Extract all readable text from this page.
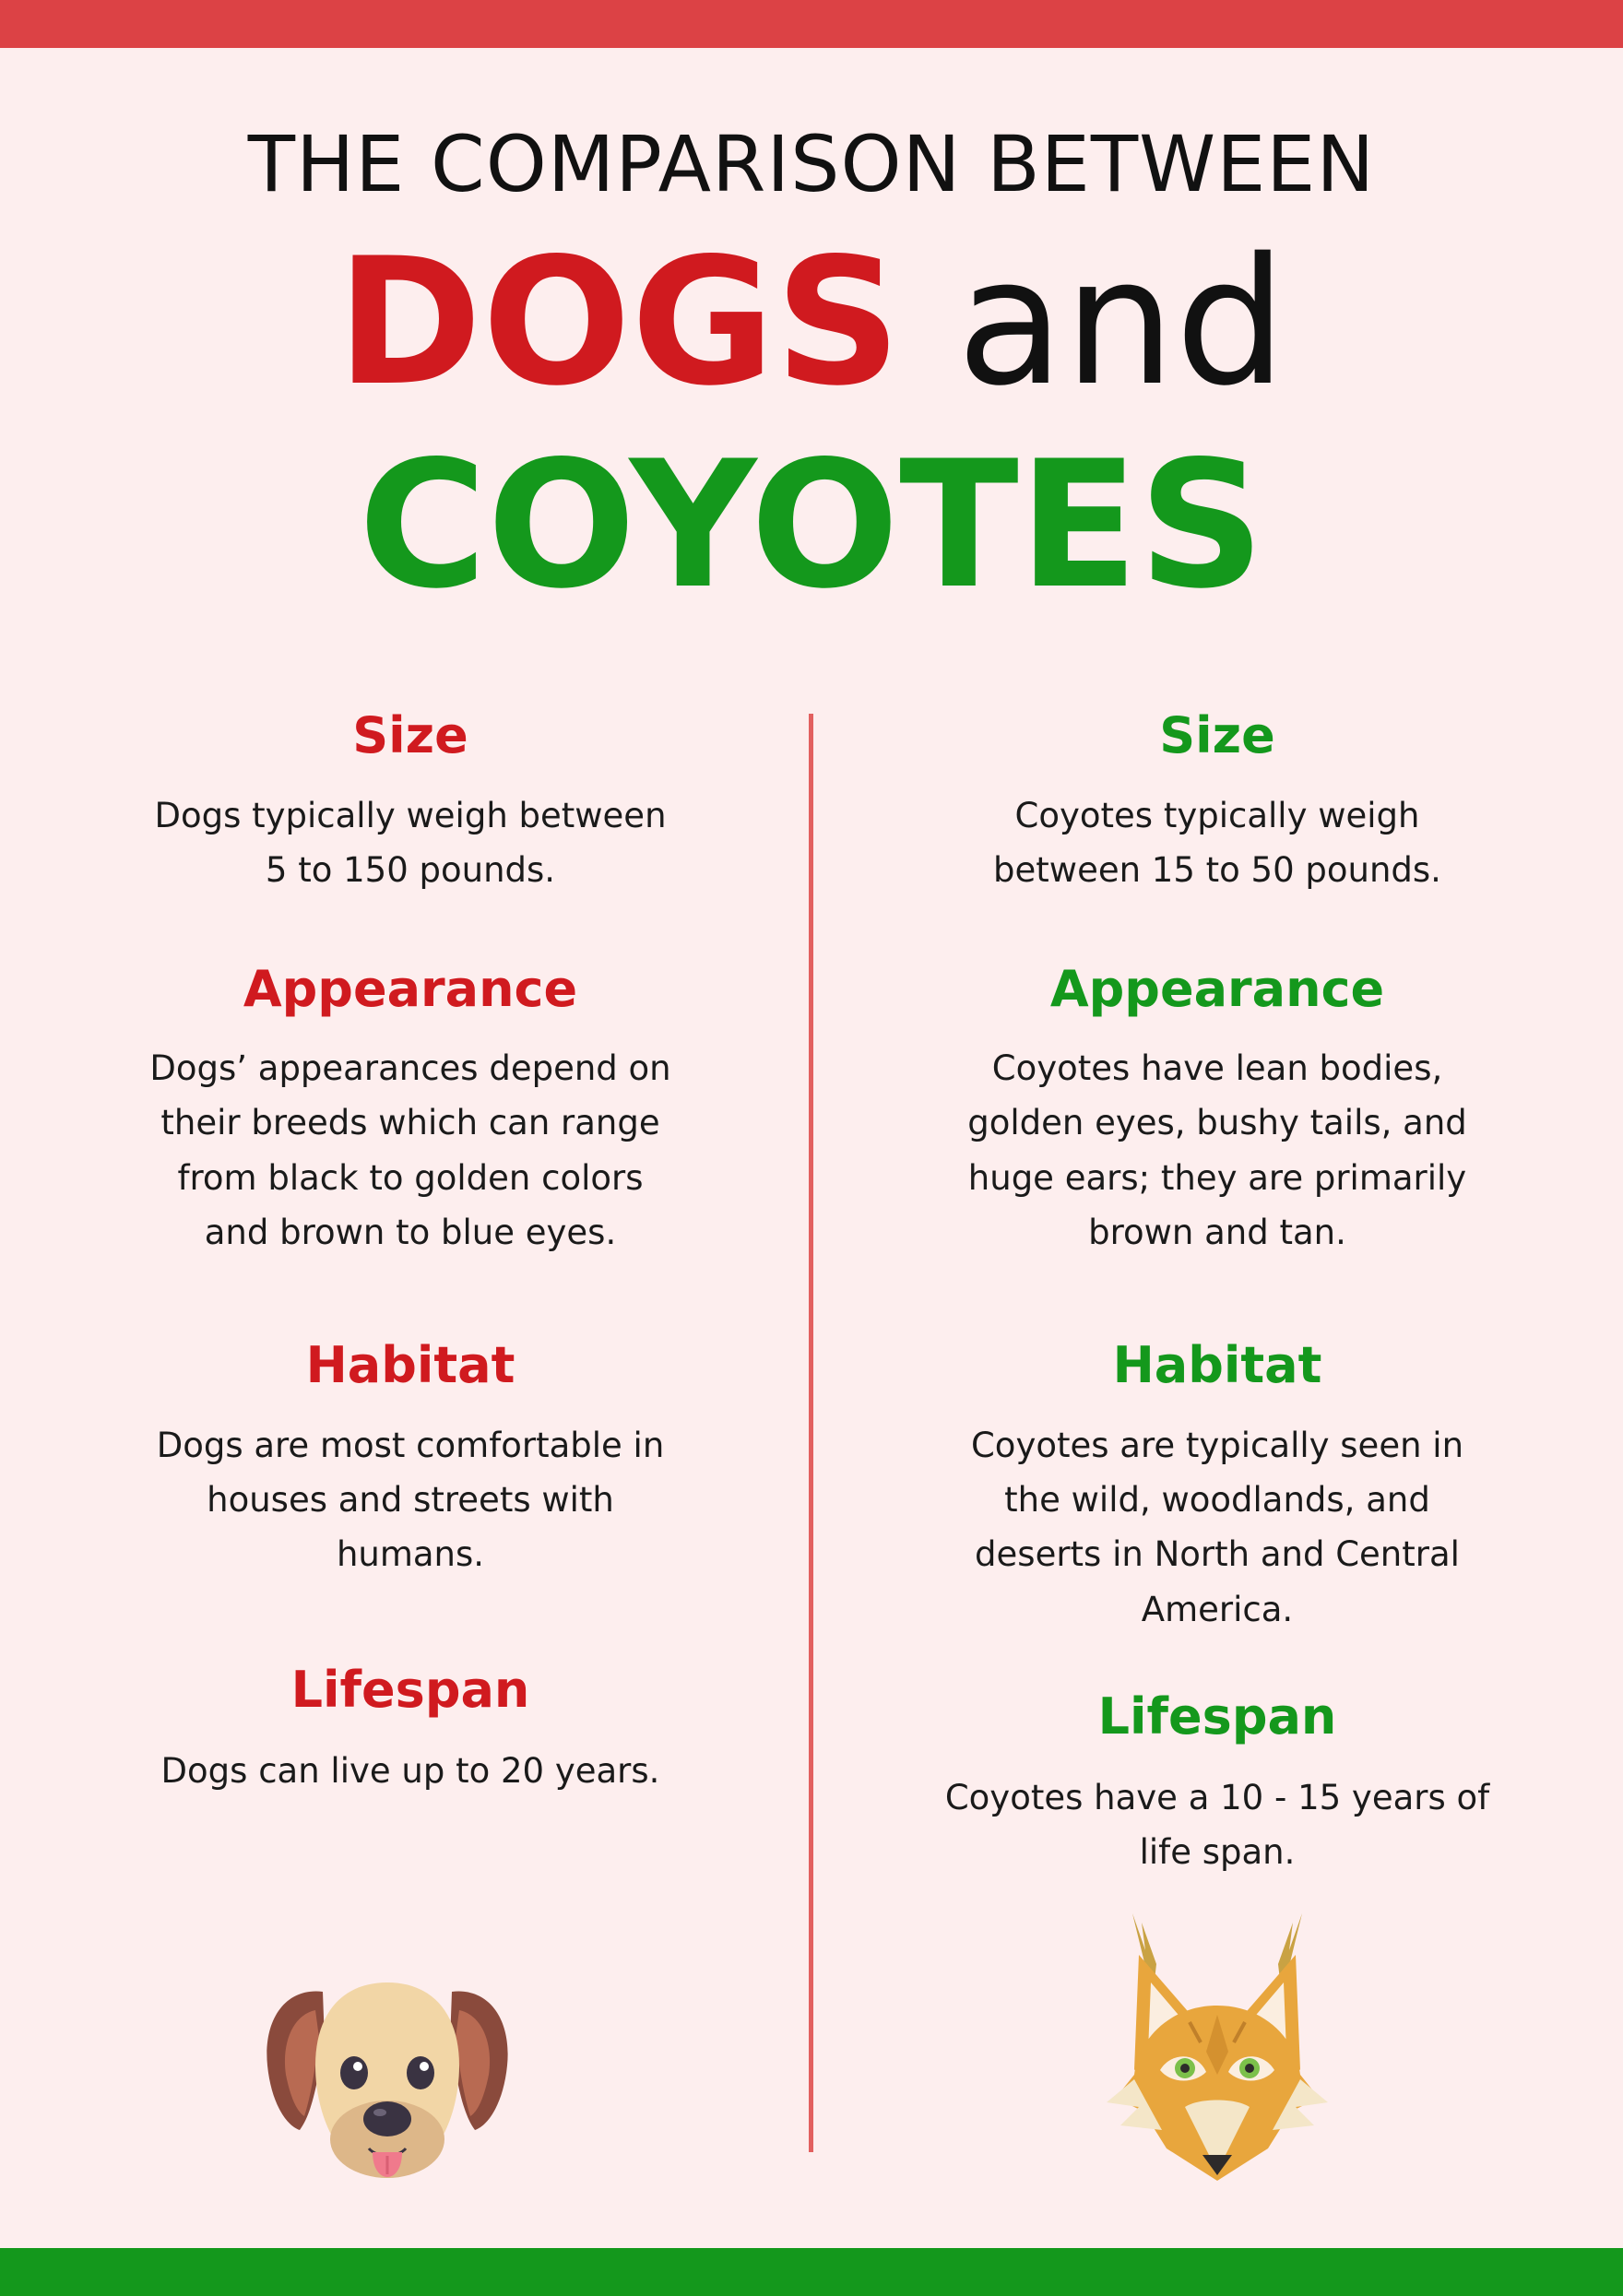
THE COMPARISON BETWEEN
DOGS and
COYOTES
Size

Dogs typically weigh between

5 to 150 pounds.

Appearance

Dogs’ appearances depend on

their breeds which can range

from black to golden colors

and brown to blue eyes.

Habitat

Dogs are most comfortable in

houses and streets with

humans.

Lifespan

Dogs can live up to 20 years.

Size

Coyotes typically weigh

between 15 to 50 pounds.

Appearance

Coyotes have lean bodies,

golden eyes, bushy tails, and

huge ears; they are primarily

brown and tan.

Habitat

Coyotes are typically seen in

the wild, woodlands, and

deserts in North and Central

America.

Lifespan

Coyotes have a 10 - 15 years of

life span.
